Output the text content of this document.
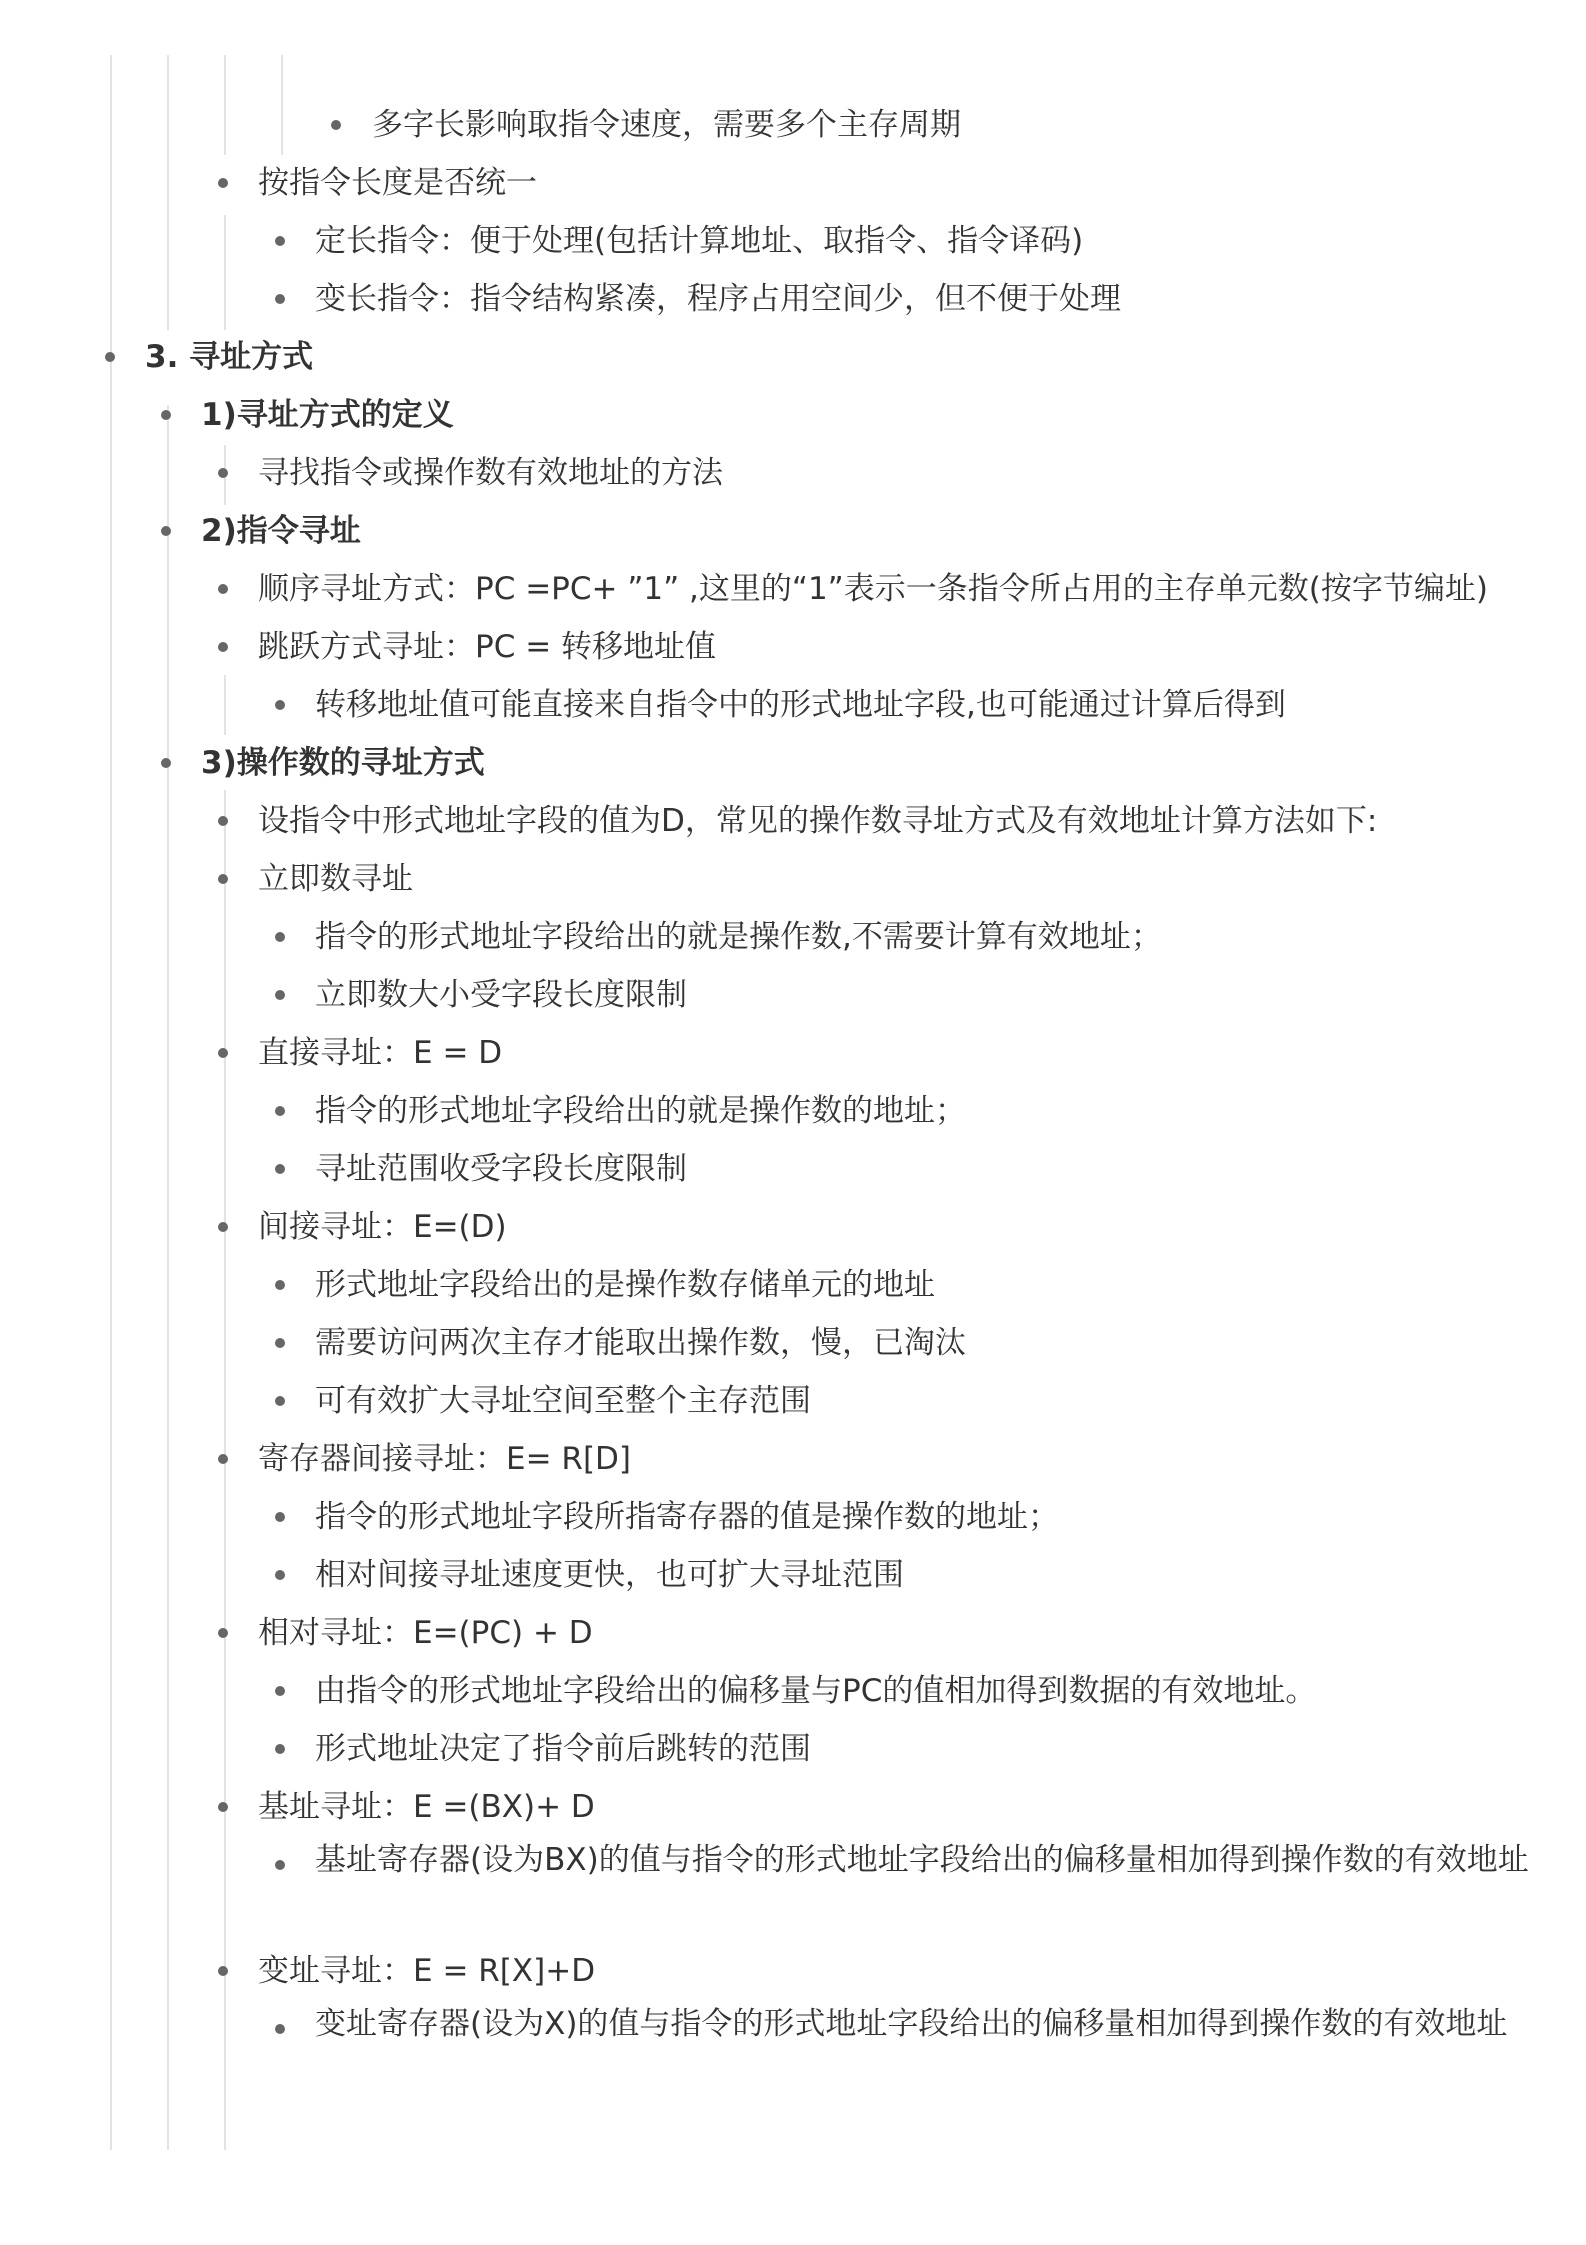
多字长影响取指令速度，需要多个主存周期
按指令长度是否统一
定长指令：便于处理(包括计算地址、取指令、指令译码)
变长指令：指令结构紧凑，程序占用空间少，但不便于处理
3. 寻址方式
1)寻址方式的定义
寻找指令或操作数有效地址的方法
2)指令寻址
顺序寻址方式：PC =PC+ ”1” ,这里的“1”表示一条指令所占用的主存单元数(按字节编址)
跳跃方式寻址：PC = 转移地址值
转移地址值可能直接来自指令中的形式地址字段,也可能通过计算后得到
3)操作数的寻址方式
设指令中形式地址字段的值为D，常见的操作数寻址方式及有效地址计算方法如下:
立即数寻址
指令的形式地址字段给出的就是操作数,不需要计算有效地址；
立即数大小受字段长度限制
直接寻址：E = D
指令的形式地址字段给出的就是操作数的地址；
寻址范围收受字段长度限制
间接寻址：E=(D)
形式地址字段给出的是操作数存储单元的地址
需要访问两次主存才能取出操作数，慢，已淘汰
可有效扩大寻址空间至整个主存范围
寄存器间接寻址：E= R[D]
指令的形式地址字段所指寄存器的值是操作数的地址；
相对间接寻址速度更快，也可扩大寻址范围
相对寻址：E=(PC) + D
由指令的形式地址字段给出的偏移量与PC的值相加得到数据的有效地址。
形式地址决定了指令前后跳转的范围
基址寻址：E =(BX)+ D
基址寄存器(设为BX)的值与指令的形式地址字段给出的偏移量相加得到操作数的有效地址
变址寻址：E = R[X]+D
变址寄存器(设为X)的值与指令的形式地址字段给出的偏移量相加得到操作数的有效地址
